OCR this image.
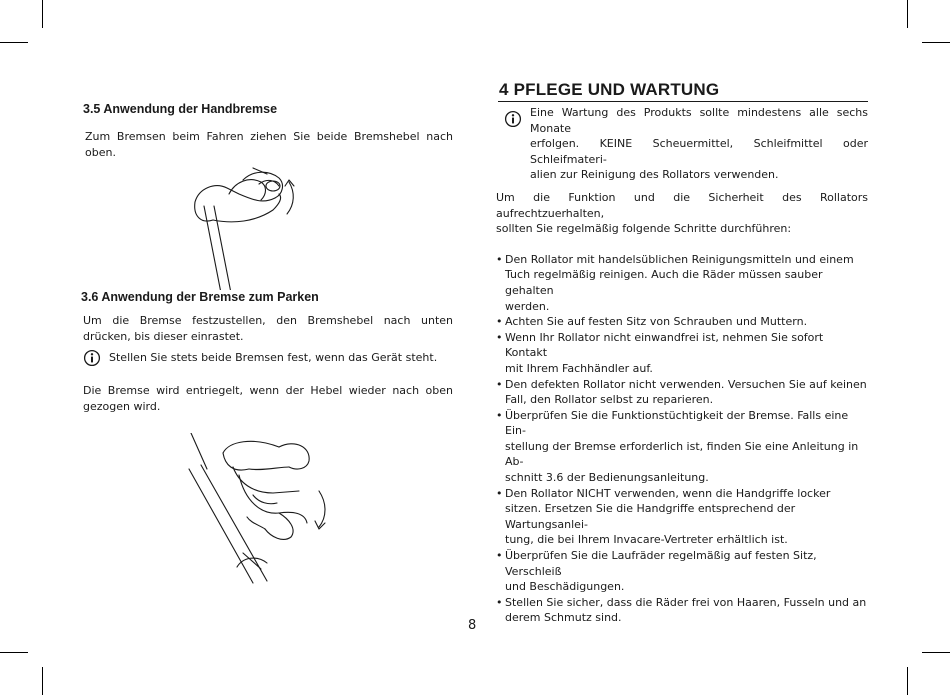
3.5 Anwendung der Handbremse

Zum Bremsen beim Fahren ziehen Sie beide Bremshebel nach oben.

3.6 Anwendung der Bremse zum Parken

Um die Bremse festzustellen, den Bremshebel nach unten drücken, bis dieser einrastet.

Stellen Sie stets beide Bremsen fest, wenn das Gerät steht.

Die Bremse wird entriegelt, wenn der Hebel wieder nach oben gezogen wird.

4 PFLEGE UND WARTUNG

Eine Wartung des Produkts sollte mindestens alle sechs Monate
erfolgen. KEINE Scheuermittel, Schleifmittel oder Schleifmateri-
alien zur Reinigung des Rollators verwenden.
Um die Funktion und die Sicherheit des Rollators aufrechtzuerhalten,
sollten Sie regelmäßig folgende Schritte durchführen:
• Den Rollator mit handelsüblichen Reinigungsmitteln und einem
Tuch regelmäßig reinigen. Auch die Räder müssen sauber gehalten
werden.
• Achten Sie auf festen Sitz von Schrauben und Muttern.
• Wenn Ihr Rollator nicht einwandfrei ist, nehmen Sie sofort Kontakt
mit Ihrem Fachhändler auf.
• Den defekten Rollator nicht verwenden. Versuchen Sie auf keinen
Fall, den Rollator selbst zu reparieren.
• Überprüfen Sie die Funktionstüchtigkeit der Bremse. Falls eine Ein-
stellung der Bremse erforderlich ist, finden Sie eine Anleitung in Ab-
schnitt 3.6 der Bedienungsanleitung.
• Den Rollator NICHT verwenden, wenn die Handgriffe locker
sitzen. Ersetzen Sie die Handgriffe entsprechend der Wartungsanlei-
tung, die bei Ihrem Invacare-Vertreter erhältlich ist.
• Überprüfen Sie die Laufräder regelmäßig auf festen Sitz, Verschleiß
und Beschädigungen.
• Stellen Sie sicher, dass die Räder frei von Haaren, Fusseln und an
derem Schmutz sind.
8
